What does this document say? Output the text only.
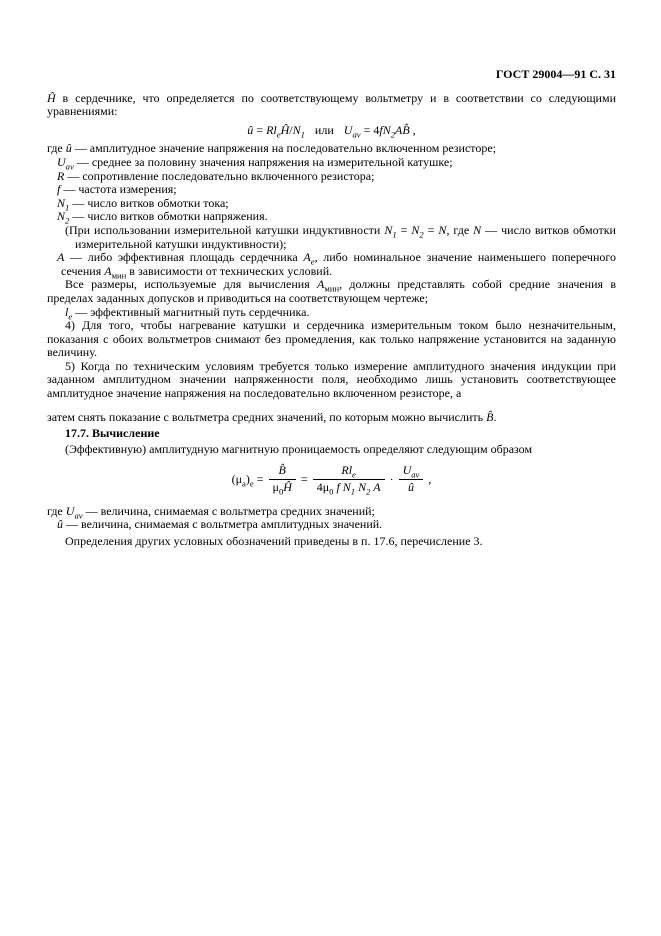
ГОСТ 29004—91 С. 31

Ĥ в сердечнике, что определяется по соответствующему вольтметру и в соответствии со следующими уравнениями:

û = $Rl_eĤ/N_1$ или $U_{av}$ = $4fN_2AB̂$ ,

где û — амплитудное значение напряжения на последовательно включенном резисторе;

$U_{av}$ — среднее за половину значения напряжения на измерительной катушке;

R — сопротивление последовательно включенного резистора;

f — частота измерения;

$N_1$ — число витков обмотки тока;

$N_2$ — число витков обмотки напряжения.

(При использовании измерительной катушки индуктивности $N_1 = N_2 = N$, где N — число витков обмотки измерительной катушки индуктивности);

А — либо эффективная площадь сердечника $A_e$, либо номинальное значение наименьшего поперечного сечения $A_{мин}$ в зависимости от технических условий.

Все размеры, используемые для вычисления $A_{мин}$, должны представлять собой средние значения в пределах заданных допусков и приводиться на соответствующем чертеже;

$l_e$ — эффективный магнитный путь сердечника.

4) Для того, чтобы нагревание катушки и сердечника измерительным током было незначительным, показания с обоих вольтметров снимают без промедления, как только напряжение установится на заданную величину.

5) Когда по техническим условиям требуется только измерение амплитудного значения индукции при заданном амплитудном значении напряженности поля, необходимо лишь установить соответствующее амплитудное значение напряжения на последовательно включенном резисторе, а

затем снять показание с вольтметра средних значений, по которым можно вычислить B̂.

17.7. Вычисление

(Эффективную) амплитудную магнитную проницаемость определяют следующим образом

$(\mu_a)_e = \frac{B̂}{\mu_0Ĥ} = \frac{Rl_e}{4\mu_0 f N_1 N_2 A} \cdot \frac{U_{av}}{û}$ ,

где $U_{av}$ — величина, снимаемая с вольтметра средних значений;

û — величина, снимаемая с вольтметра амплитудных значений.

Определения других условных обозначений приведены в п. 17.6, перечисление 3.
